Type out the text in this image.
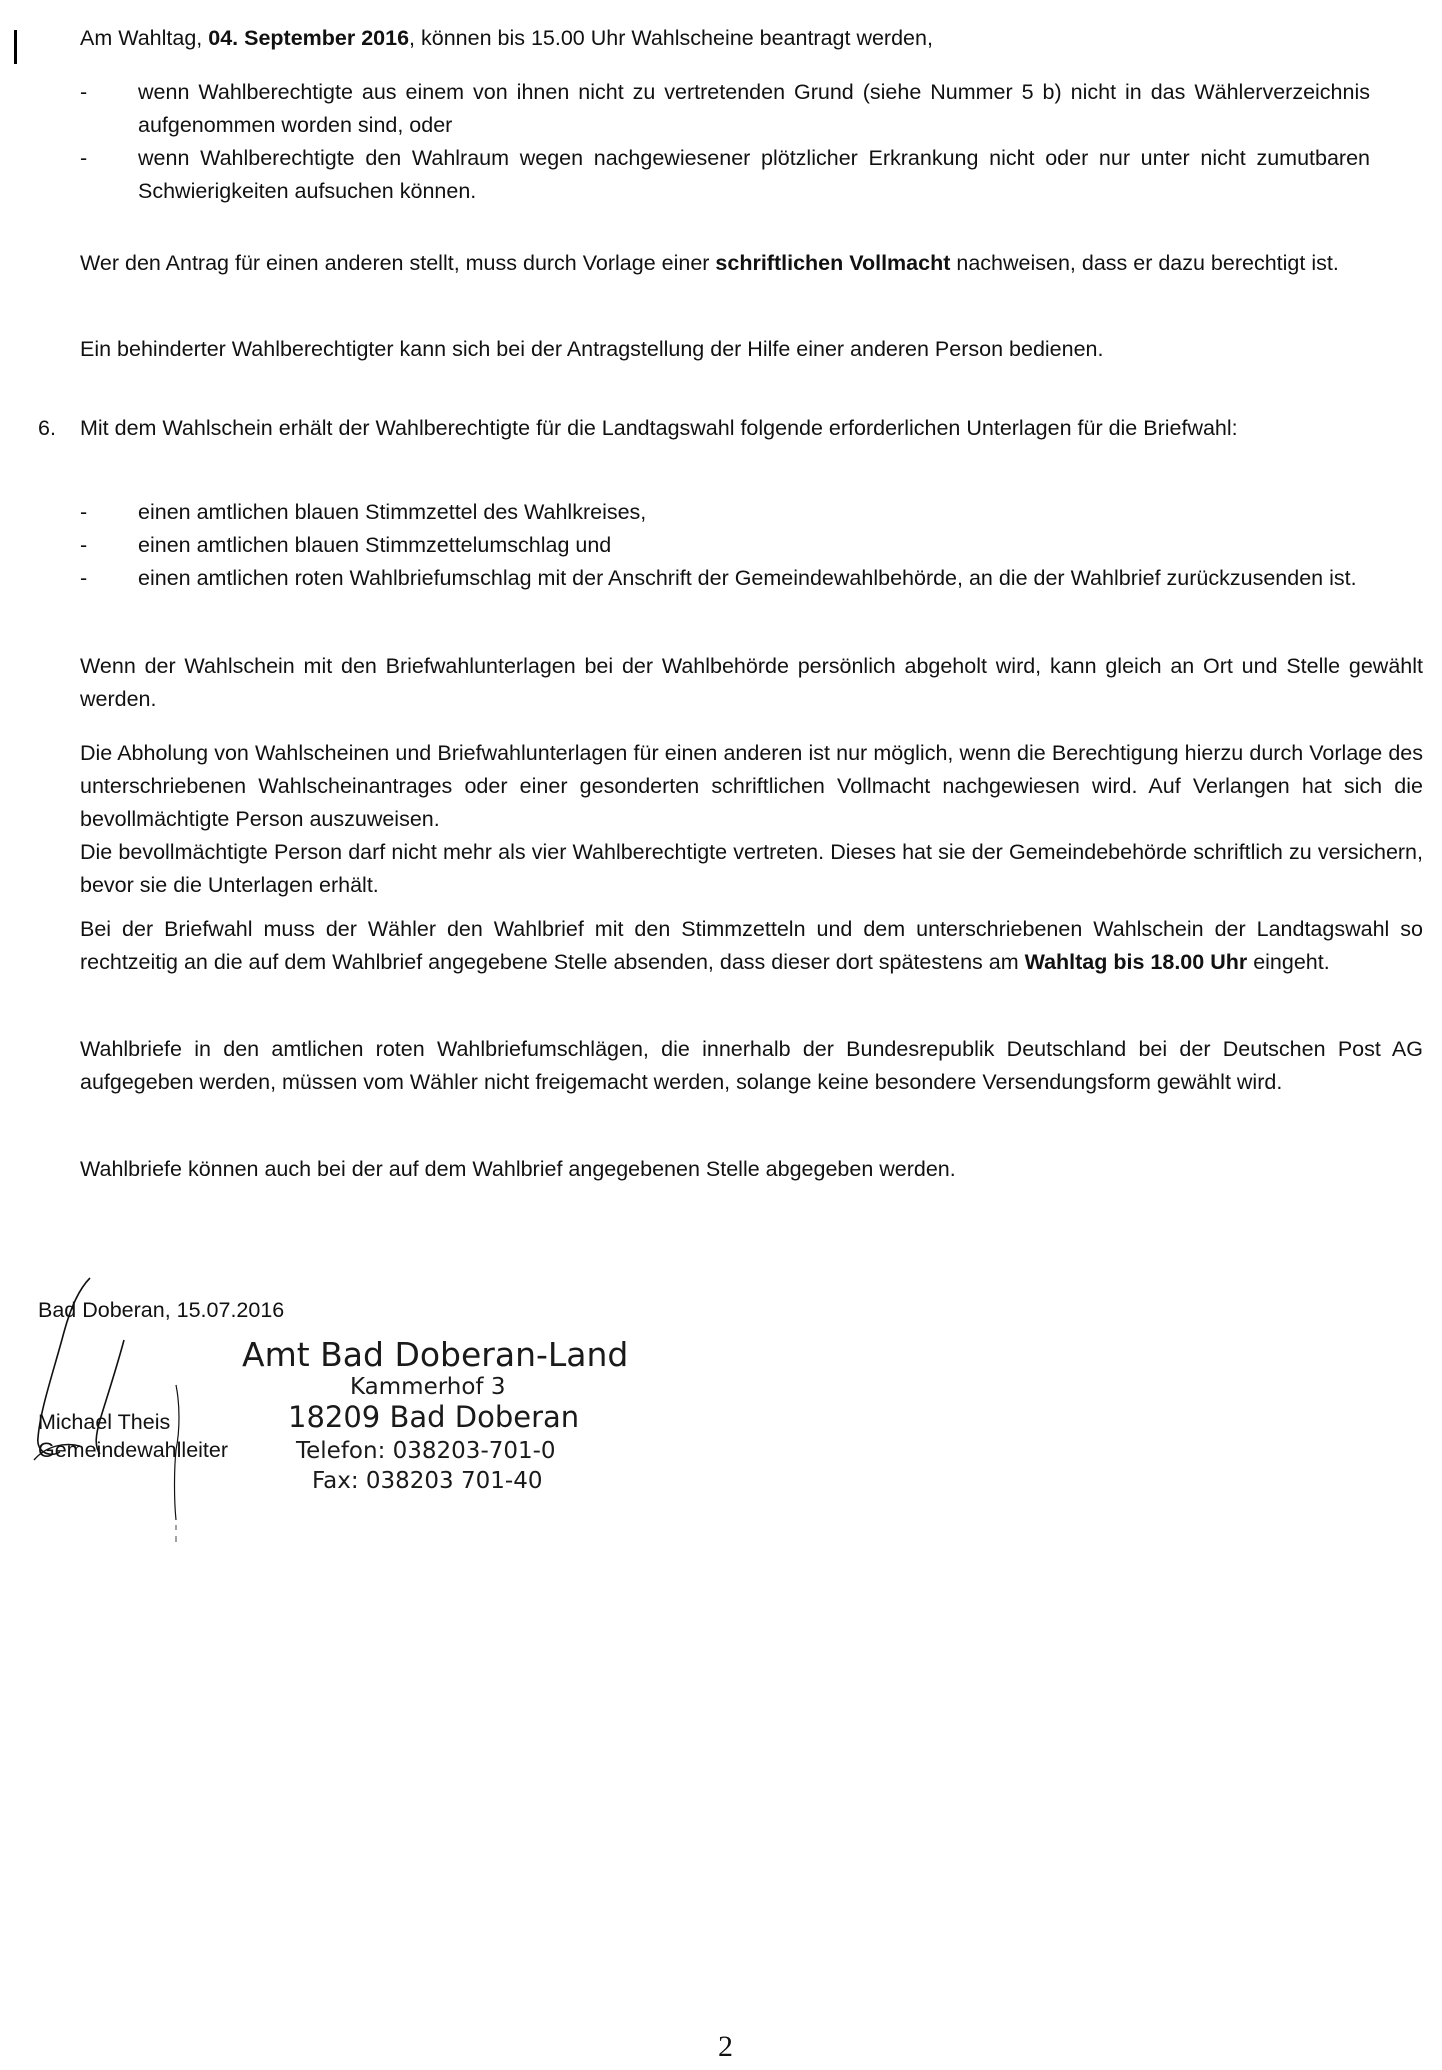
Am Wahltag, 04. September 2016, können bis 15.00 Uhr Wahlscheine beantragt werden,

- wenn Wahlberechtigte aus einem von ihnen nicht zu vertretenden Grund (siehe Nummer 5 b) nicht in das Wählerverzeichnis aufgenommen worden sind, oder
- wenn Wahlberechtigte den Wahlraum wegen nachgewiesener plötzlicher Erkrankung nicht oder nur unter nicht zumutbaren Schwierigkeiten aufsuchen können.

Wer den Antrag für einen anderen stellt, muss durch Vorlage einer schriftlichen Vollmacht nachweisen, dass er dazu berechtigt ist.

Ein behinderter Wahlberechtigter kann sich bei der Antragstellung der Hilfe einer anderen Person bedienen.

6. Mit dem Wahlschein erhält der Wahlberechtigte für die Landtagswahl folgende erforderlichen Unterlagen für die Briefwahl:

- einen amtlichen blauen Stimmzettel des Wahlkreises,
- einen amtlichen blauen Stimmzettelumschlag und
- einen amtlichen roten Wahlbriefumschlag mit der Anschrift der Gemeindewahlbehörde, an die der Wahlbrief zurückzusenden ist.

Wenn der Wahlschein mit den Briefwahlunterlagen bei der Wahlbehörde persönlich abgeholt wird, kann gleich an Ort und Stelle gewählt werden.

Die Abholung von Wahlscheinen und Briefwahlunterlagen für einen anderen ist nur möglich, wenn die Berechtigung hierzu durch Vorlage des unterschriebenen Wahlscheinantrages oder einer gesonderten schriftlichen Vollmacht nachgewiesen wird. Auf Verlangen hat sich die bevollmächtigte Person auszuweisen.

Die bevollmächtigte Person darf nicht mehr als vier Wahlberechtigte vertreten. Dieses hat sie der Gemeindebehörde schriftlich zu versichern, bevor sie die Unterlagen erhält.

Bei der Briefwahl muss der Wähler den Wahlbrief mit den Stimmzetteln und dem unterschriebenen Wahlschein der Landtagswahl so rechtzeitig an die auf dem Wahlbrief angegebene Stelle absenden, dass dieser dort spätestens am Wahltag bis 18.00 Uhr eingeht.

Wahlbriefe in den amtlichen roten Wahlbriefumschlägen, die innerhalb der Bundesrepublik Deutschland bei der Deutschen Post AG aufgegeben werden, müssen vom Wähler nicht freigemacht werden, solange keine besondere Versendungsform gewählt wird.

Wahlbriefe können auch bei der auf dem Wahlbrief angegebenen Stelle abgegeben werden.

Bad Doberan, 15.07.2016

Michael Theis

Gemeindewahlleiter

Amt Bad Doberan-Land
Kammerhof 3
18209 Bad Doberan
Telefon: 038203-701-0
Fax: 038203 701-40
2
